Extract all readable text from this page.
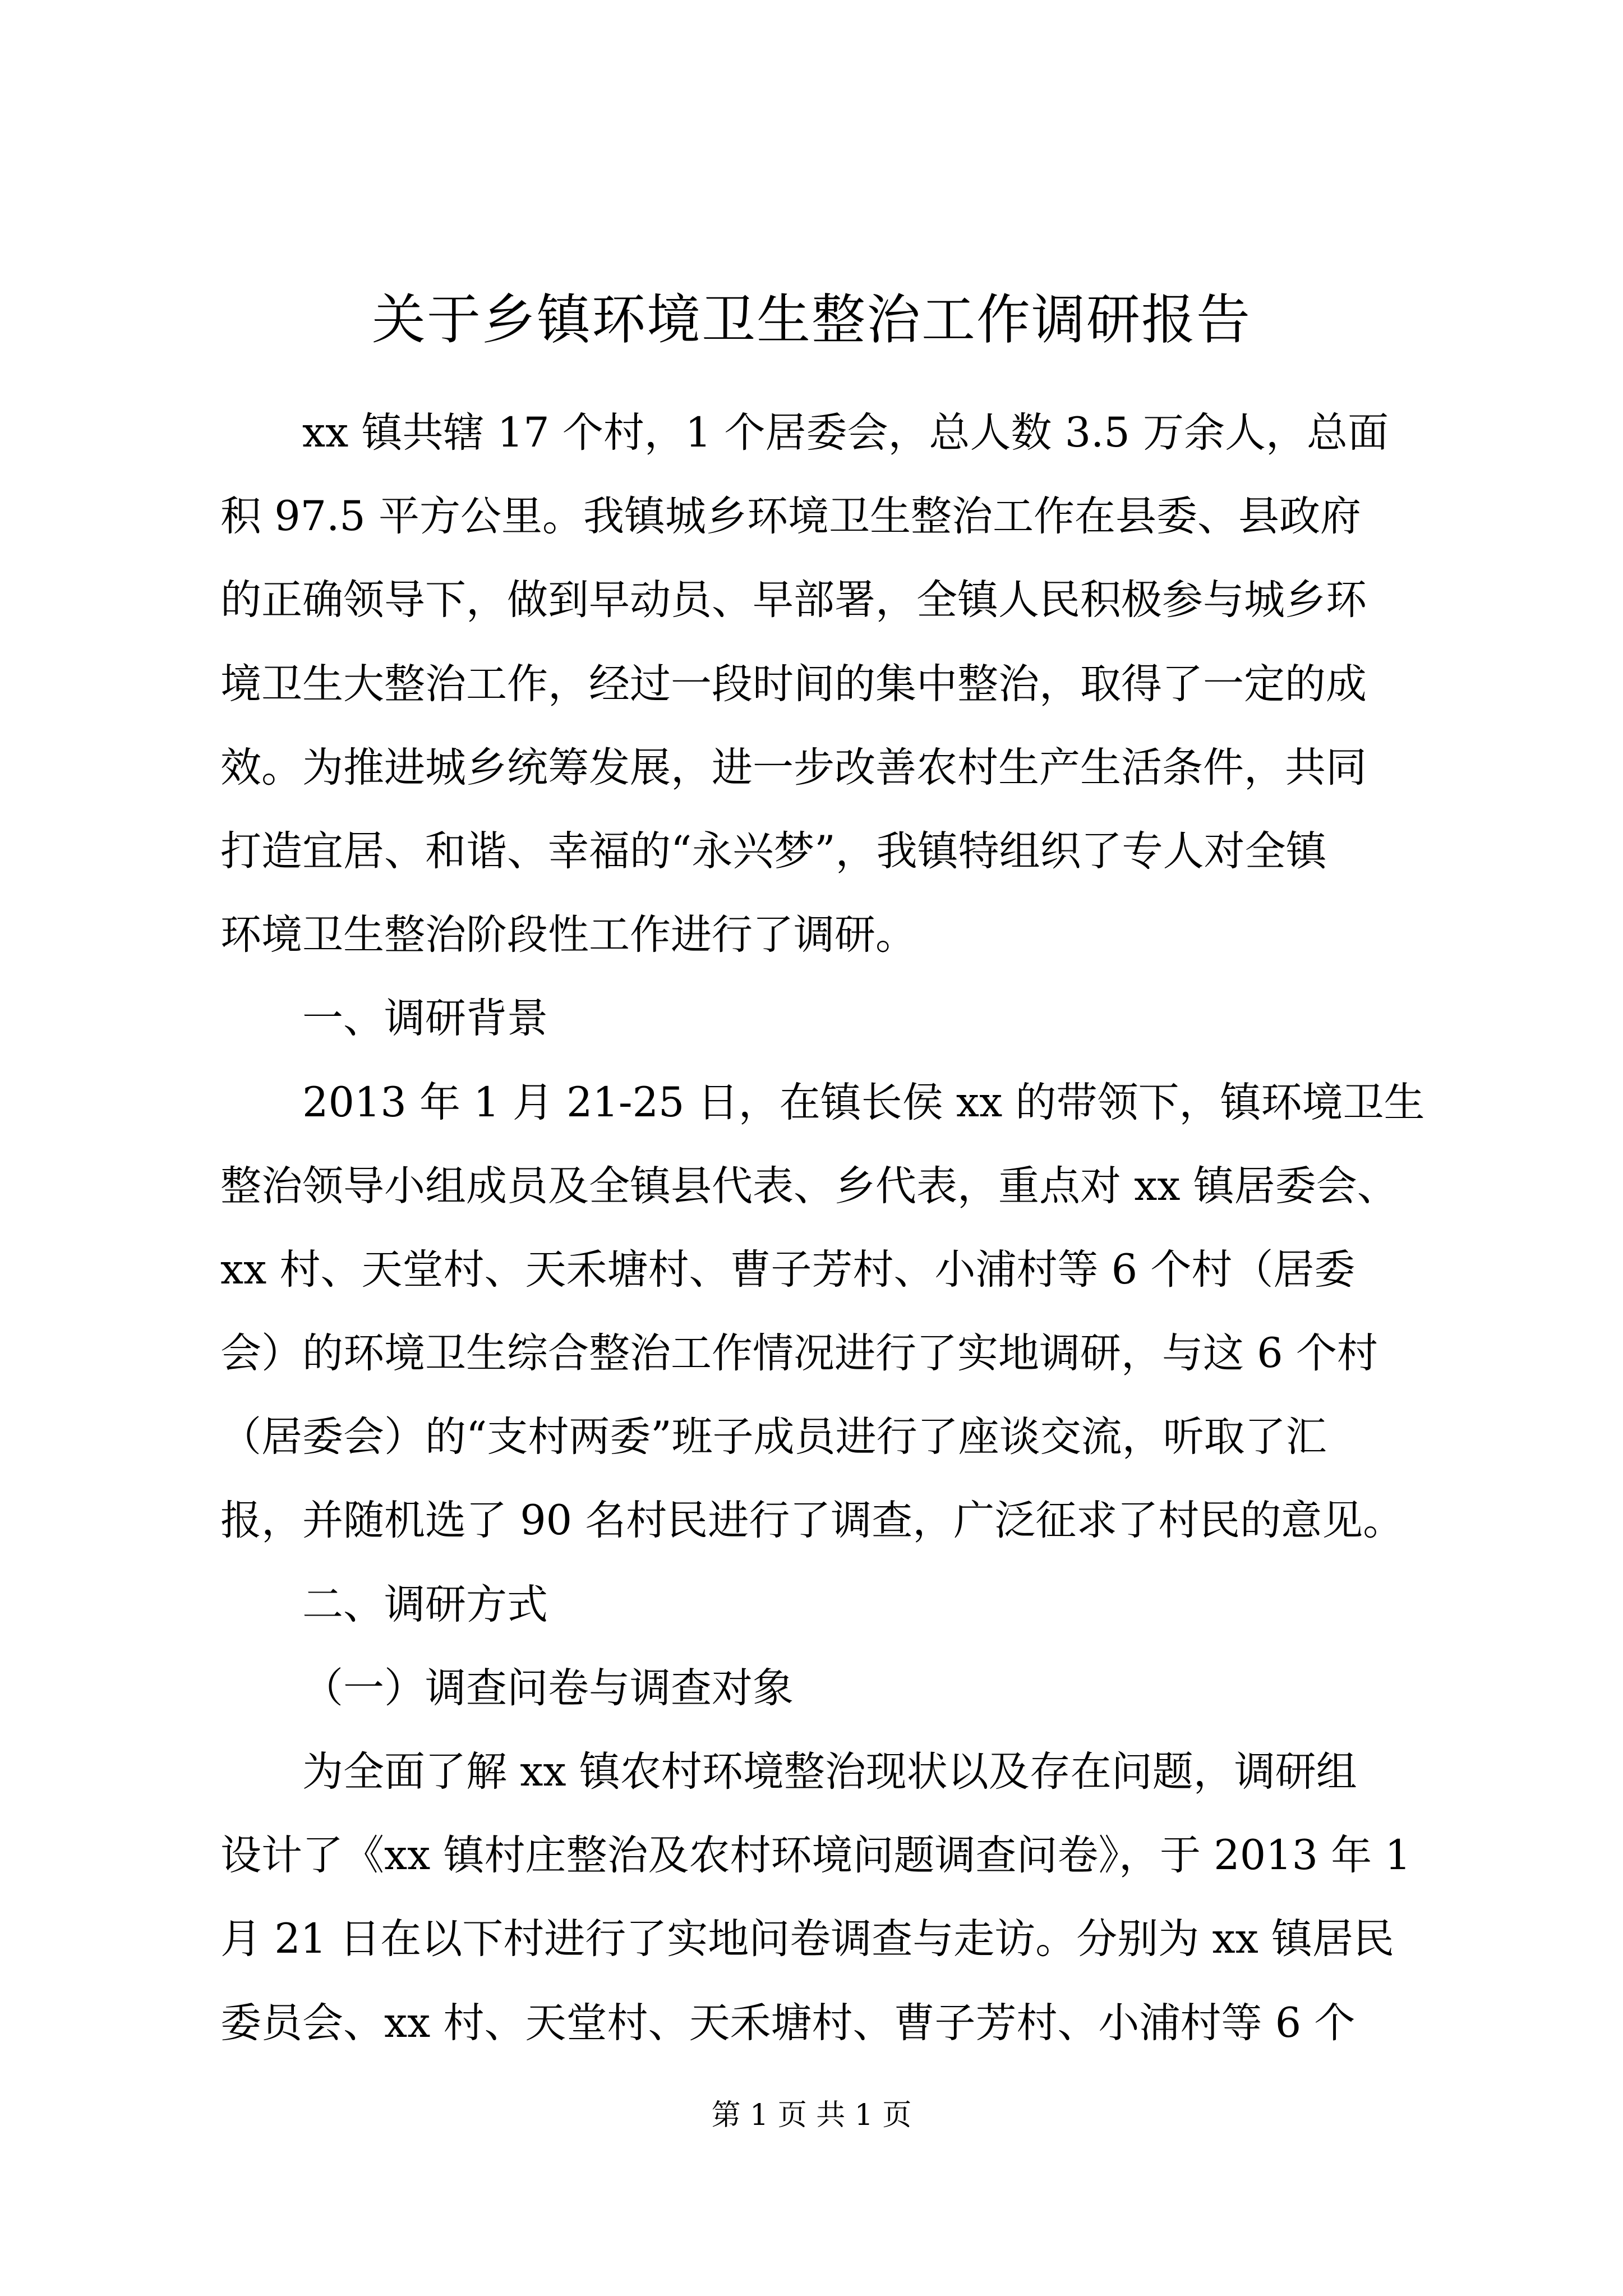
关于乡镇环境卫生整治工作调研报告
xx 镇共辖 17 个村，1 个居委会，总人数 3.5 万余人，总面
积 97.5 平方公里。我镇城乡环境卫生整治工作在县委、县政府
的正确领导下，做到早动员、早部署，全镇人民积极参与城乡环
境卫生大整治工作，经过一段时间的集中整治，取得了一定的成
效。为推进城乡统筹发展，进一步改善农村生产生活条件，共同
打造宜居、和谐、幸福的“永兴梦”，我镇特组织了专人对全镇
环境卫生整治阶段性工作进行了调研。
一、调研背景
2013 年 1 月 21-25 日，在镇长侯 xx 的带领下，镇环境卫生
整治领导小组成员及全镇县代表、乡代表，重点对 xx 镇居委会、
xx 村、天堂村、天禾塘村、曹子芳村、小浦村等 6 个村（居委
会）的环境卫生综合整治工作情况进行了实地调研，与这 6 个村
（居委会）的“支村两委”班子成员进行了座谈交流，听取了汇
报，并随机选了 90 名村民进行了调查，广泛征求了村民的意见。
二、调研方式
（一）调查问卷与调查对象
为全面了解 xx 镇农村环境整治现状以及存在问题，调研组
设计了《xx 镇村庄整治及农村环境问题调查问卷》，于 2013 年 1
月 21 日在以下村进行了实地问卷调查与走访。分别为 xx 镇居民
委员会、xx 村、天堂村、天禾塘村、曹子芳村、小浦村等 6 个
第 1 页 共 1 页
